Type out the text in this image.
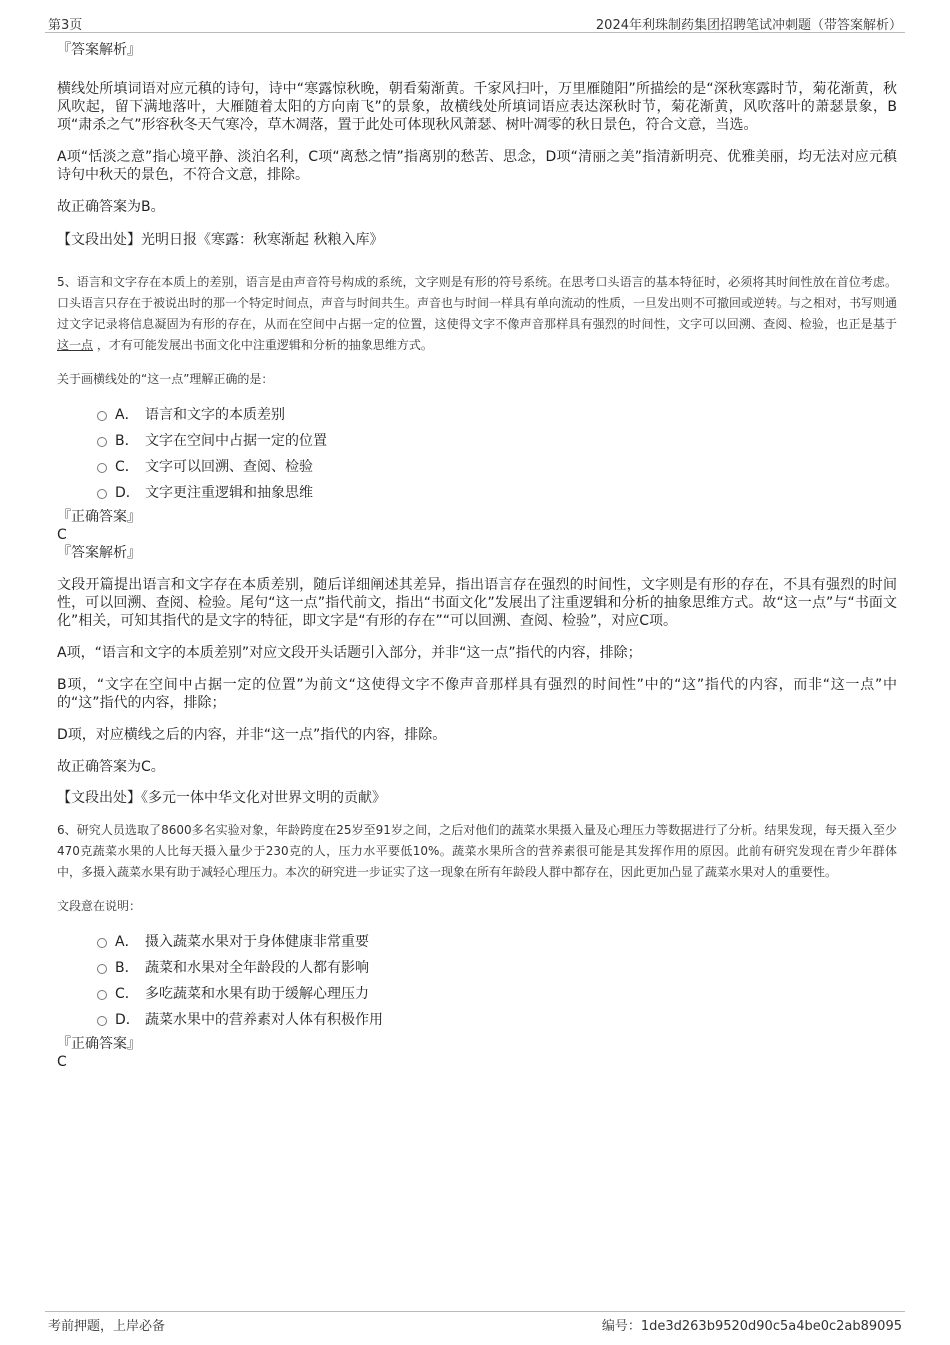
第3页	2024年利珠制药集团招聘笔试冲刺题（带答案解析）

『答案解析』

横线处所填词语对应元稹的诗句，诗中“寒露惊秋晚，朝看菊渐黄。千家风扫叶，万里雁随阳”所描绘的是“深秋寒露时节，菊花渐黄，秋风吹起，留下满地落叶，大雁随着太阳的方向南飞”的景象，故横线处所填词语应表达深秋时节，菊花渐黄，风吹落叶的萧瑟景象，B项“肃杀之气”形容秋冬天气寒冷，草木凋落，置于此处可体现秋风萧瑟、树叶凋零的秋日景色，符合文意，当选。

A项“恬淡之意”指心境平静、淡泊名利，C项“离愁之情”指离别的愁苦、思念，D项“清丽之美”指清新明亮、优雅美丽，均无法对应元稹诗句中秋天的景色，不符合文意，排除。

故正确答案为B。

【文段出处】光明日报《寒露：秋寒渐起 秋粮入库》

5、语言和文字存在本质上的差别，语言是由声音符号构成的系统，文字则是有形的符号系统。在思考口头语言的基本特征时，必须将其时间性放在首位考虑。口头语言只存在于被说出时的那一个特定时间点，声音与时间共生。声音也与时间一样具有单向流动的性质，一旦发出则不可撤回或逆转。与之相对，书写则通过文字记录将信息凝固为有形的存在，从而在空间中占据一定的位置，这使得文字不像声音那样具有强烈的时间性，文字可以回溯、查阅、检验，也正是基于 这一点 ，才有可能发展出书面文化中注重逻辑和分析的抽象思维方式。

关于画横线处的“这一点”理解正确的是：

A． 语言和文字的本质差别
B． 文字在空间中占据一定的位置
C． 文字可以回溯、查阅、检验
D． 文字更注重逻辑和抽象思维

『正确答案』

C

『答案解析』

文段开篇提出语言和文字存在本质差别，随后详细阐述其差异，指出语言存在强烈的时间性，文字则是有形的存在，不具有强烈的时间性，可以回溯、查阅、检验。尾句“这一点”指代前文，指出“书面文化”发展出了注重逻辑和分析的抽象思维方式。故“这一点”与“书面文化”相关，可知其指代的是文字的特征，即文字是“有形的存在”“可以回溯、查阅、检验”，对应C项。

A项，“语言和文字的本质差别”对应文段开头话题引入部分，并非“这一点”指代的内容，排除；

B项，“文字在空间中占据一定的位置”为前文“这使得文字不像声音那样具有强烈的时间性”中的“这”指代的内容，而非“这一点”中的“这”指代的内容，排除；

D项，对应横线之后的内容，并非“这一点”指代的内容，排除。

故正确答案为C。

【文段出处】《多元一体中华文化对世界文明的贡献》

6、研究人员选取了8600多名实验对象，年龄跨度在25岁至91岁之间，之后对他们的蔬菜水果摄入量及心理压力等数据进行了分析。结果发现，每天摄入至少470克蔬菜水果的人比每天摄入量少于230克的人，压力水平要低10%。蔬菜水果所含的营养素很可能是其发挥作用的原因。此前有研究发现在青少年群体中，多摄入蔬菜水果有助于减轻心理压力。本次的研究进一步证实了这一现象在所有年龄段人群中都存在，因此更加凸显了蔬菜水果对人的重要性。

文段意在说明：

A． 摄入蔬菜水果对于身体健康非常重要
B． 蔬菜和水果对全年龄段的人都有影响
C． 多吃蔬菜和水果有助于缓解心理压力
D． 蔬菜水果中的营养素对人体有积极作用

『正确答案』

C

考前押题，上岸必备	编号：1de3d263b9520d90c5a4be0c2ab89095
